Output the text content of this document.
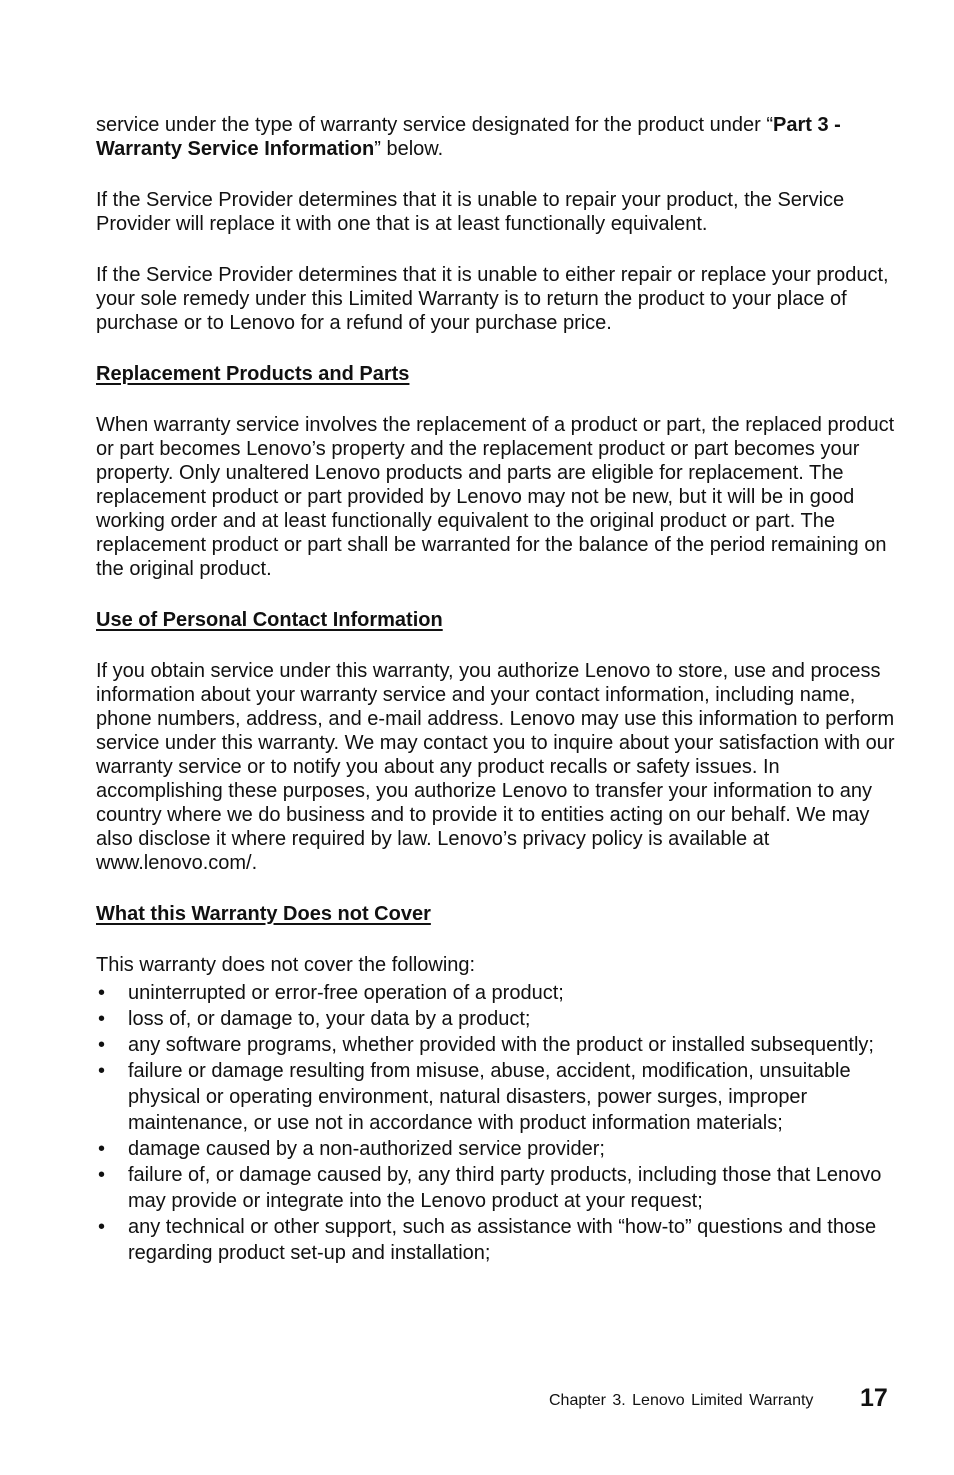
service under the type of warranty service designated for the product under “Part 3 - Warranty Service Information” below.

If the Service Provider determines that it is unable to repair your product, the Service Provider will replace it with one that is at least functionally equivalent.

If the Service Provider determines that it is unable to either repair or replace your product, your sole remedy under this Limited Warranty is to return the product to your place of purchase or to Lenovo for a refund of your purchase price.

Replacement Products and Parts

When warranty service involves the replacement of a product or part, the replaced product or part becomes Lenovo’s property and the replacement product or part becomes your property. Only unaltered Lenovo products and parts are eligible for replacement. The replacement product or part provided by Lenovo may not be new, but it will be in good working order and at least functionally equivalent to the original product or part. The replacement product or part shall be warranted for the balance of the period remaining on the original product.

Use of Personal Contact Information

If you obtain service under this warranty, you authorize Lenovo to store, use and process information about your warranty service and your contact information, including name, phone numbers, address, and e-mail address. Lenovo may use this information to perform service under this warranty. We may contact you to inquire about your satisfaction with our warranty service or to notify you about any product recalls or safety issues. In accomplishing these purposes, you authorize Lenovo to transfer your information to any country where we do business and to provide it to entities acting on our behalf. We may also disclose it where required by law. Lenovo’s privacy policy is available at www.lenovo.com/.

What this Warranty Does not Cover
This warranty does not cover the following:
• uninterrupted or error-free operation of a product;
• loss of, or damage to, your data by a product;
• any software programs, whether provided with the product or installed subsequently;
• failure or damage resulting from misuse, abuse, accident, modification, unsuitable physical or operating environment, natural disasters, power surges, improper maintenance, or use not in accordance with product information materials;
• damage caused by a non-authorized service provider;
• failure of, or damage caused by, any third party products, including those that Lenovo may provide or integrate into the Lenovo product at your request;
• any technical or other support, such as assistance with “how-to” questions and those regarding product set-up and installation;
Chapter 3. Lenovo Limited Warranty 17
